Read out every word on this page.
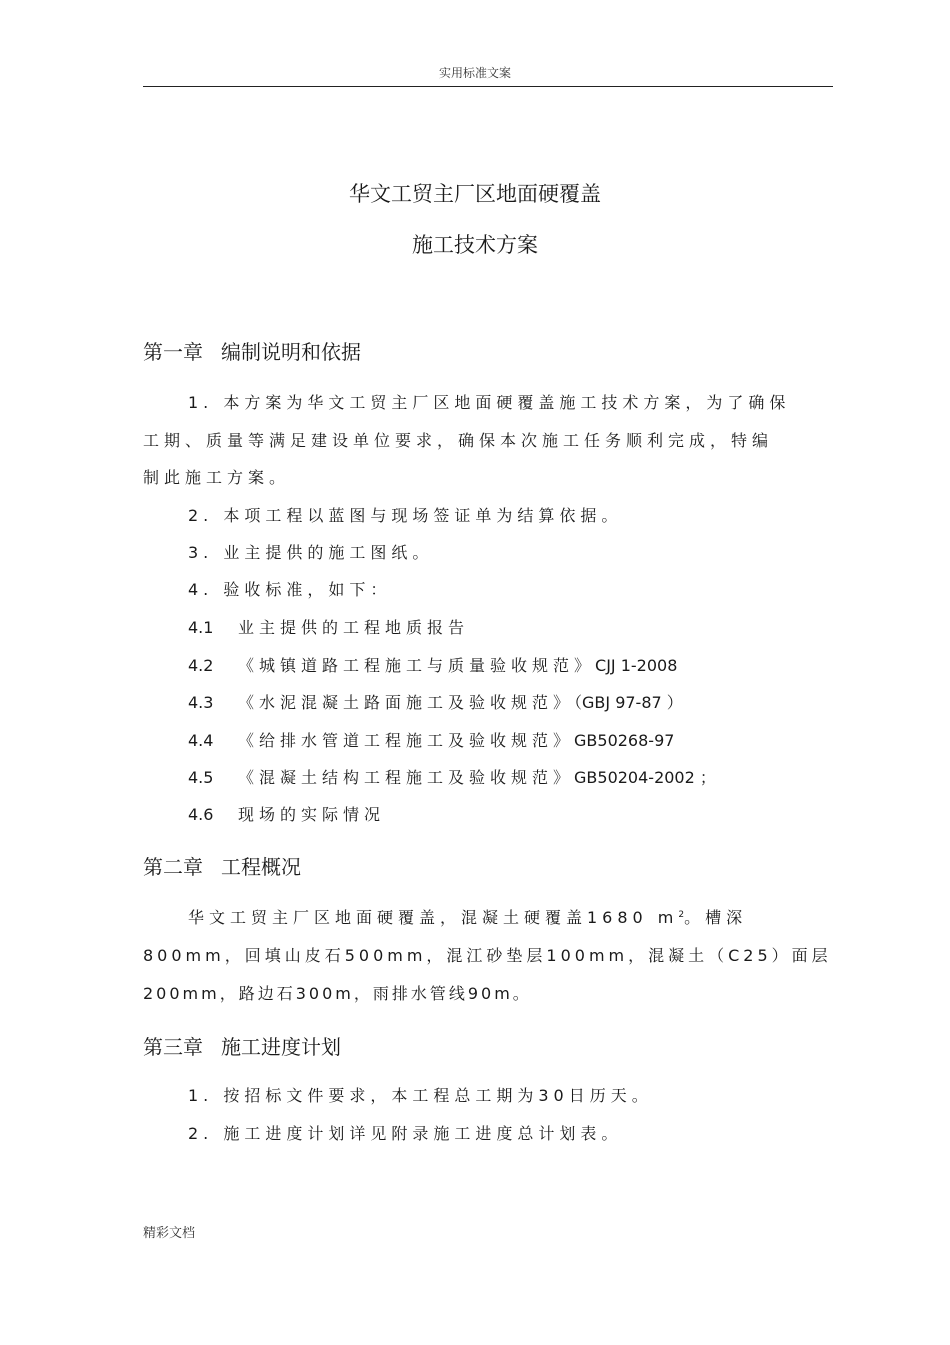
实用标准文案
华文工贸主厂区地面硬覆盖
施工技术方案
第一章 编制说明和依据
1. 本方案为华文工贸主厂区地面硬覆盖施工技术方案，为了确保
工期、质量等满足建设单位要求，确保本次施工任务顺利完成，特编
制此施工方案。
2. 本项工程以蓝图与现场签证单为结算依据。
3. 业主提供的施工图纸。
4. 验收标准，如下：
4.1 业主提供的工程地质报告
4.2 《城镇道路工程施工与质量验收规范》CJJ 1-2008
4.3 《水泥混凝土路面施工及验收规范》（GBJ 97-87 ）
4.4 《给排水管道工程施工及验收规范》GB50268-97
4.5 《混凝土结构工程施工及验收规范》GB50204-2002 ；
4.6 现场的实际情况
第二章 工程概况
华文工贸主厂区地面硬覆盖，混凝土硬覆盖1680 $m^2$。槽深
800mm，回填山皮石500mm，混江砂垫层100mm，混凝土（C25）面层
200mm，路边石300m，雨排水管线90m。
第三章 施工进度计划
1. 按招标文件要求，本工程总工期为30日历天。
2. 施工进度计划详见附录施工进度总计划表。
精彩文档
